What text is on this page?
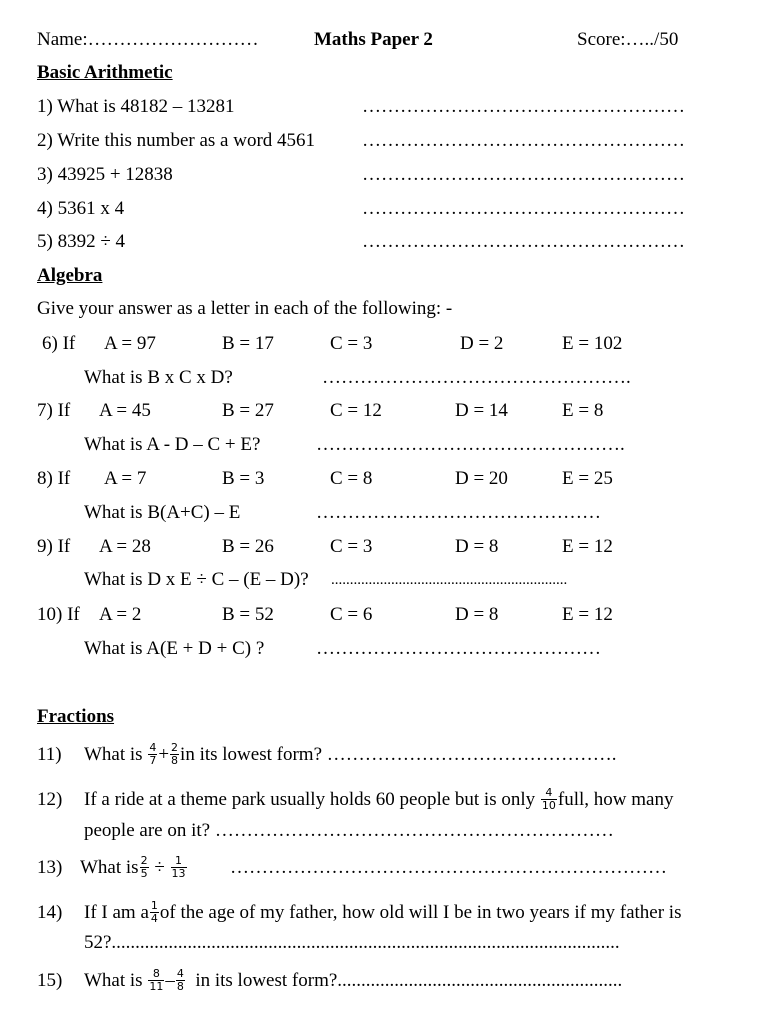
Name:………………………	Maths Paper 2	Score:…../50
Basic Arithmetic
1) What is 48182 – 13281	……………………………………………
2) Write this number as a word 4561 ……………………………………………
3) 43925 + 12838	……………………………………………
4) 5361 x 4	……………………………………………
5) 8392 ÷ 4	……………………………………………
Algebra
Give your answer as a letter in each of the following: -
6) If A = 97	B = 17	C = 3	D = 2	E = 102
What is B x C x D?	………………………………………….
7) If A = 45	B = 27	C = 12	D = 14	E = 8
What is A - D – C + E?	………………………………………….
8) If A = 7	B = 3	C = 8	D = 20	E = 25
What is B(A+C) – E	………………………………………
9) If A = 28	B = 26	C = 3	D = 8	E = 12
What is D x E ÷ C – (E – D)? ...............................................................
10) If A = 2	B = 52	C = 6	D = 8	E = 12
What is A(E + D + C) ?	………………………………………
Fractions
11) What is
$\frac{4}{7} + \frac{2}{8}$ in its lowest form? ……………………………………….
12) If a ride at a theme park usually holds 60 people but is only
$\frac{4}{10}$ full, how many
people are on it? ………………………………………………………
13) What is $\frac{2}{5}$
÷
$\frac{1}{13}$ ……………………………………………………………
14) If I am a $\frac{1}{4}$ of the age of my father, how old will I be in two years if my father is
52?...........................................................................................................
15) What is
$\frac{8}{11} - \frac{4}{8}$
in its lowest form?............................................................
